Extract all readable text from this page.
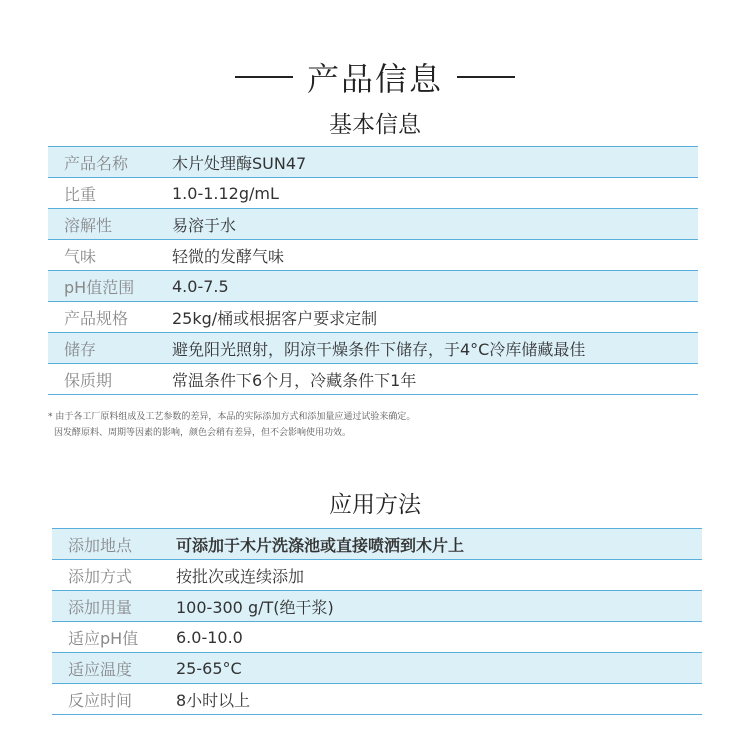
产品信息
基本信息
产品名称	木片处理酶SUN47
比重	1.0-1.12g/mL
溶解性	易溶于水
气味	轻微的发酵气味
pH值范围	4.0-7.5
产品规格	25kg/桶或根据客户要求定制
储存	避免阳光照射，阴凉干燥条件下储存，于4°C冷库储藏最佳
保质期	常温条件下6个月，冷藏条件下1年
* 由于各工厂原料组成及工艺参数的差异，本品的实际添加方式和添加量应通过试验来确定。
因发酵原料、周期等因素的影响，颜色会稍有差异，但不会影响使用功效。
应用方法
添加地点	可添加于木片洗涤池或直接喷洒到木片上
添加方式	按批次或连续添加
添加用量	100-300 g/T(绝干浆)
适应pH值	6.0-10.0
适应温度	25-65°C
反应时间	8小时以上
